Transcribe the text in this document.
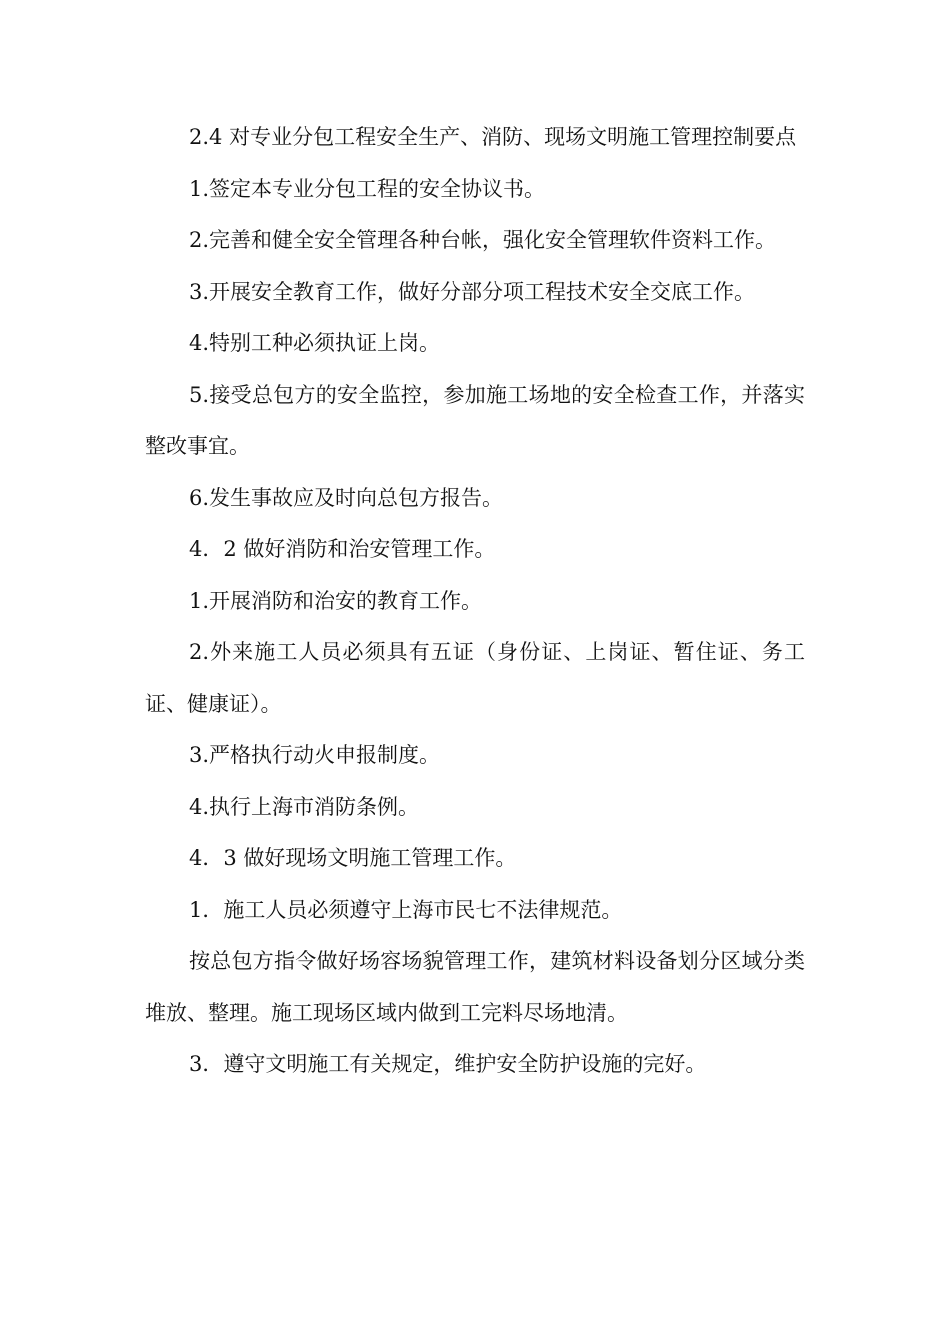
2.4 对专业分包工程安全生产、消防、现场文明施工管理控制要点

1.签定本专业分包工程的安全协议书。

2.完善和健全安全管理各种台帐，强化安全管理软件资料工作。

3.开展安全教育工作，做好分部分项工程技术安全交底工作。

4.特别工种必须执证上岗。

5.接受总包方的安全监控，参加施工场地的安全检查工作，并落实整改事宜。

6.发生事故应及时向总包方报告。

4．2 做好消防和治安管理工作。

1.开展消防和治安的教育工作。

2.外来施工人员必须具有五证（身份证、上岗证、暂住证、务工证、健康证）。

3.严格执行动火申报制度。

4.执行上海市消防条例。

4．3 做好现场文明施工管理工作。

1．施工人员必须遵守上海市民七不法律规范。

按总包方指令做好场容场貌管理工作，建筑材料设备划分区域分类堆放、整理。施工现场区域内做到工完料尽场地清。

3．遵守文明施工有关规定，维护安全防护设施的完好。
